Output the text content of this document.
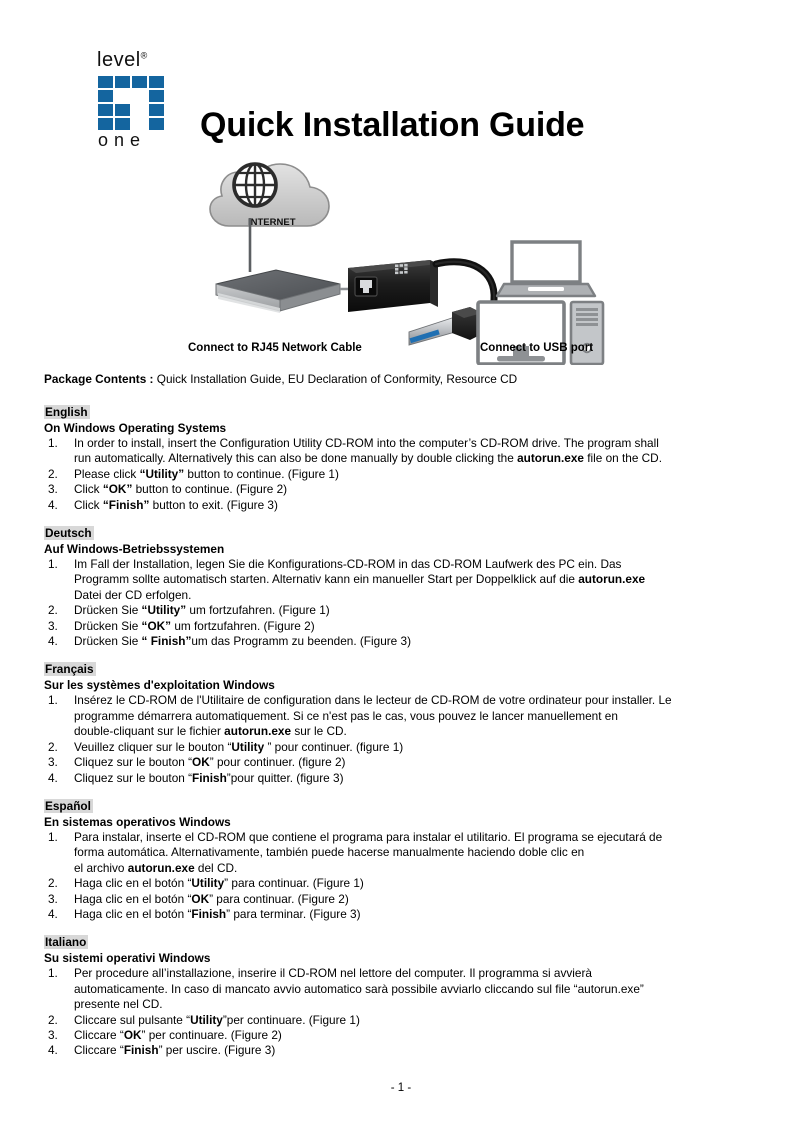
level®
one Quick Installation Guide
INTERNET
Connect to RJ45 Network Cable	Connect to USB port
Package Contents : Quick Installation Guide, EU Declaration of Conformity, Resource CD
English
On Windows Operating Systems
1.	In order to install, insert the Configuration Utility CD-ROM into the computer’s CD-ROM drive. The program shall
run automatically. Alternatively this can also be done manually by double clicking the autorun.exe file on the CD.
2.	Please click “Utility” button to continue. (Figure 1)
3.	Click “OK” button to continue. (Figure 2)
4.	Click “Finish” button to exit. (Figure 3)
Deutsch
Auf Windows-Betriebssystemen
1.	Im Fall der Installation, legen Sie die Konfigurations-CD-ROM in das CD-ROM Laufwerk des PC ein. Das
Programm sollte automatisch starten. Alternativ kann ein manueller Start per Doppelklick auf die autorun.exe
Datei der CD erfolgen.
2.	Drücken Sie “Utility” um fortzufahren. (Figure 1)
3.	Drücken Sie “OK” um fortzufahren. (Figure 2)
4.	Drücken Sie “ Finish”um das Programm zu beenden. (Figure 3)
Français
Sur les systèmes d'exploitation Windows
1.	Insérez le CD-ROM de l'Utilitaire de configuration dans le lecteur de CD-ROM de votre ordinateur pour installer. Le
programme démarrera automatiquement. Si ce n'est pas le cas, vous pouvez le lancer manuellement en
double-cliquant sur le fichier autorun.exe sur le CD.
2.	Veuillez cliquer sur le bouton “Utility ” pour continuer. (figure 1)
3.	Cliquez sur le bouton “OK” pour continuer. (figure 2)
4.	Cliquez sur le bouton “Finish”pour quitter. (figure 3)
Español
En sistemas operativos Windows
1.	Para instalar, inserte el CD-ROM que contiene el programa para instalar el utilitario. El programa se ejecutará de
forma automática. Alternativamente, también puede hacerse manualmente haciendo doble clic en
el archivo autorun.exe del CD.
2.	Haga clic en el botón “Utility” para continuar. (Figure 1)
3.	Haga clic en el botón “OK” para continuar. (Figure 2)
4.	Haga clic en el botón “Finish” para terminar. (Figure 3)
Italiano
Su sistemi operativi Windows
1.	Per procedure all’installazione, inserire il CD-ROM nel lettore del computer. Il programma si avvierà
automaticamente. In caso di mancato avvio automatico sarà possibile avviarlo cliccando sul file “autorun.exe”
presente nel CD.
2.	Cliccare sul pulsante “Utility”per continuare. (Figure 1)
3.	Cliccare “OK” per continuare. (Figure 2)
4.	Cliccare “Finish” per uscire. (Figure 3)
- 1 -
